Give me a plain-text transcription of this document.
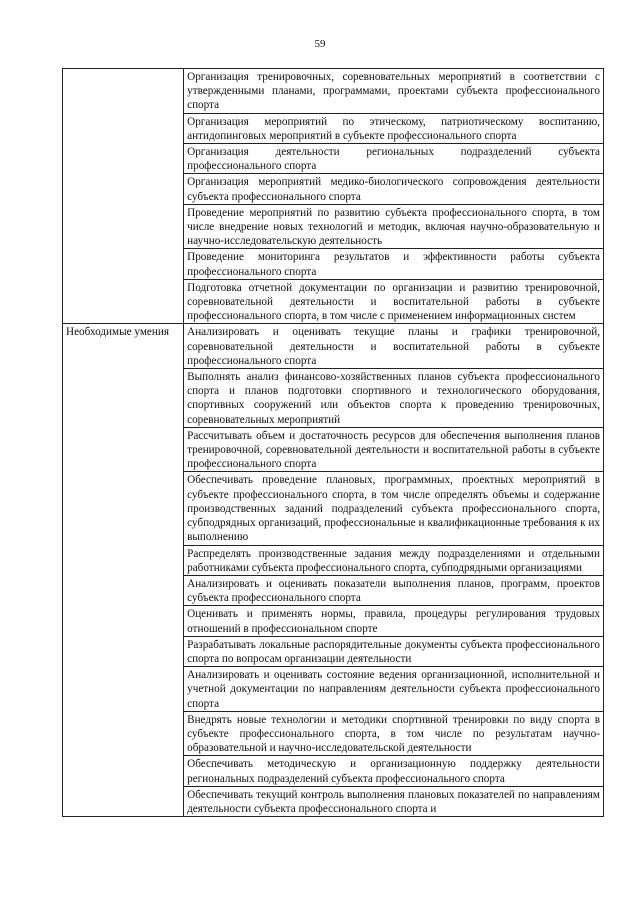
59
	Организация тренировочных, соревновательных мероприятий в соответствии с утвержденными планами, программами, проектами субъекта профессионального спорта
	Организация мероприятий по этическому, патриотическому воспитанию, антидопинговых мероприятий в субъекте профессионального спорта
	Организация деятельности региональных подразделений субъекта профессионального спорта
	Организация мероприятий медико-биологического сопровождения деятельности субъекта профессионального спорта
	Проведение мероприятий по развитию субъекта профессионального спорта, в том числе внедрение новых технологий и методик, включая научно-образовательную и научно-исследовательскую деятельность
	Проведение мониторинга результатов и эффективности работы субъекта профессионального спорта
	Подготовка отчетной документации по организации и развитию тренировочной, соревновательной деятельности и воспитательной работы в субъекте профессионального спорта, в том числе с применением информационных систем
Необходимые умения	Анализировать и оценивать текущие планы и графики тренировочной, соревновательной деятельности и воспитательной работы в субъекте профессионального спорта
	Выполнять анализ финансово-хозяйственных планов субъекта профессионального спорта и планов подготовки спортивного и технологического оборудования, спортивных сооружений или объектов спорта к проведению тренировочных, соревновательных мероприятий
	Рассчитывать объем и достаточность ресурсов для обеспечения выполнения планов тренировочной, соревновательной деятельности и воспитательной работы в субъекте профессионального спорта
	Обеспечивать проведение плановых, программных, проектных мероприятий в субъекте профессионального спорта, в том числе определять объемы и содержание производственных заданий подразделений субъекта профессионального спорта, субподрядных организаций, профессиональные и квалификационные требования к их выполнению
	Распределять производственные задания между подразделениями и отдельными работниками субъекта профессионального спорта, субподрядными организациями
	Анализировать и оценивать показатели выполнения планов, программ, проектов субъекта профессионального спорта
	Оценивать и применять нормы, правила, процедуры регулирования трудовых отношений в профессиональном спорте
	Разрабатывать локальные распорядительные документы субъекта профессионального спорта по вопросам организации деятельности
	Анализировать и оценивать состояние ведения организационной, исполнительной и учетной документации по направлениям деятельности субъекта профессионального спорта
	Внедрять новые технологии и методики спортивной тренировки по виду спорта в субъекте профессионального спорта, в том числе по результатам научно-образовательной и научно-исследовательской деятельности
	Обеспечивать методическую и организационную поддержку деятельности региональных подразделений субъекта профессионального спорта
	Обеспечивать текущий контроль выполнения плановых показателей по направлениям деятельности субъекта профессионального спорта и
